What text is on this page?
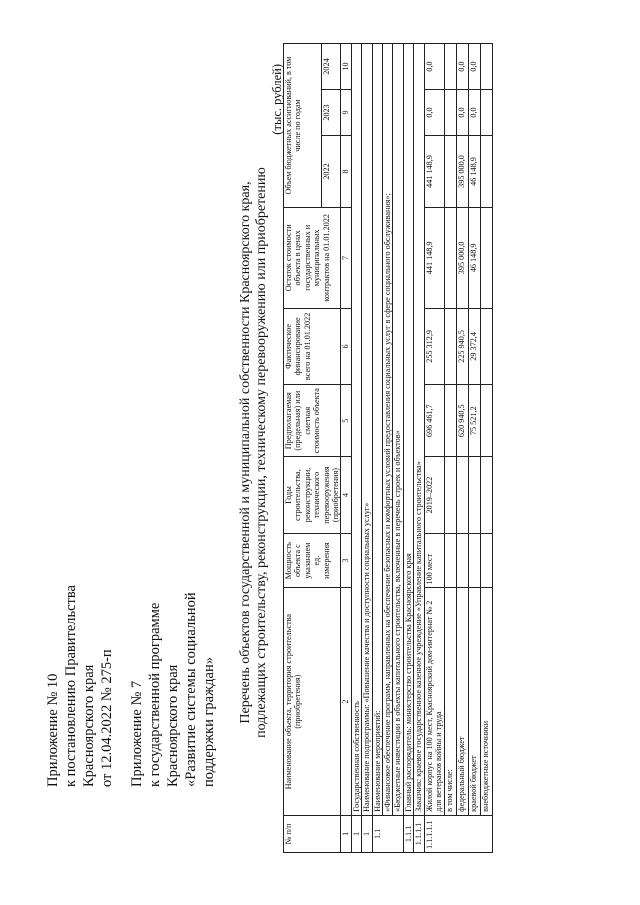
Приложение № 10 к постановлению Правительства Красноярского края от 12.04.2022 № 275-п Приложение № 7 к государственной программе Красноярского края «Развитие системы социальной поддержки граждан» Перечень объектов государственной и муниципальной собственности Красноярского края, подлежащих строительству, реконструкции, техническому перевооружению или приобретению
(тыс. рублей)
№ п/п	Наименование объекта, территория строительства (приобретения)	Мощность объекта с указанием ед. измерения	Годы строительства, реконструкции, технического перевооружения (приобретения)	Предполагаемая (предельная) или сметная стоимость объекта	Фактическое финансирование всего на 01.01.2022	Остаток стоимости объекта в ценах государственных и муниципальных контрактов на 01.01.2022	Объем бюджетных ассигнований, в том числе по годам		
							2022	2023	2024
1	2	3	4	5	6	7	8	9	10
1	Государственная собственность								
1	Наименование подпрограммы: «Повышение качества и доступности социальных услуг»								
1.1	Наименование мероприятий:								
	«Финансовое обеспечение программ, направленных на обеспечение безопасных и комфортных условий предоставления социальных услуг в сфере социального обслуживания»;								
	«Бюджетные инвестиции в объекты капитального строительства, включенные в перечень строек и объектов»								
1.1.1	Главный распорядитель: министерство строительства Красноярского края								
1.1.1.1	Заказчик: краевое государственное казенное учреждение «Управление капитального строительства»								
1.1.1.1.1	Жилой корпус на 100 мест, Красноярский дом-интернат № 2 для ветеранов войны и труда	100 мест	2019–2022	696 461,7	255 312,9	441 148,9	441 148,9	0,0	0,0
	в том числе:								
	федеральный бюджет			620 940,5	225 940,5	395 000,0	395 000,0	0,0	0,0
	краевой бюджет			75 521,2	29 372,4	46 148,9	46 148,9	0,0	0,0
	внебюджетные источники								
